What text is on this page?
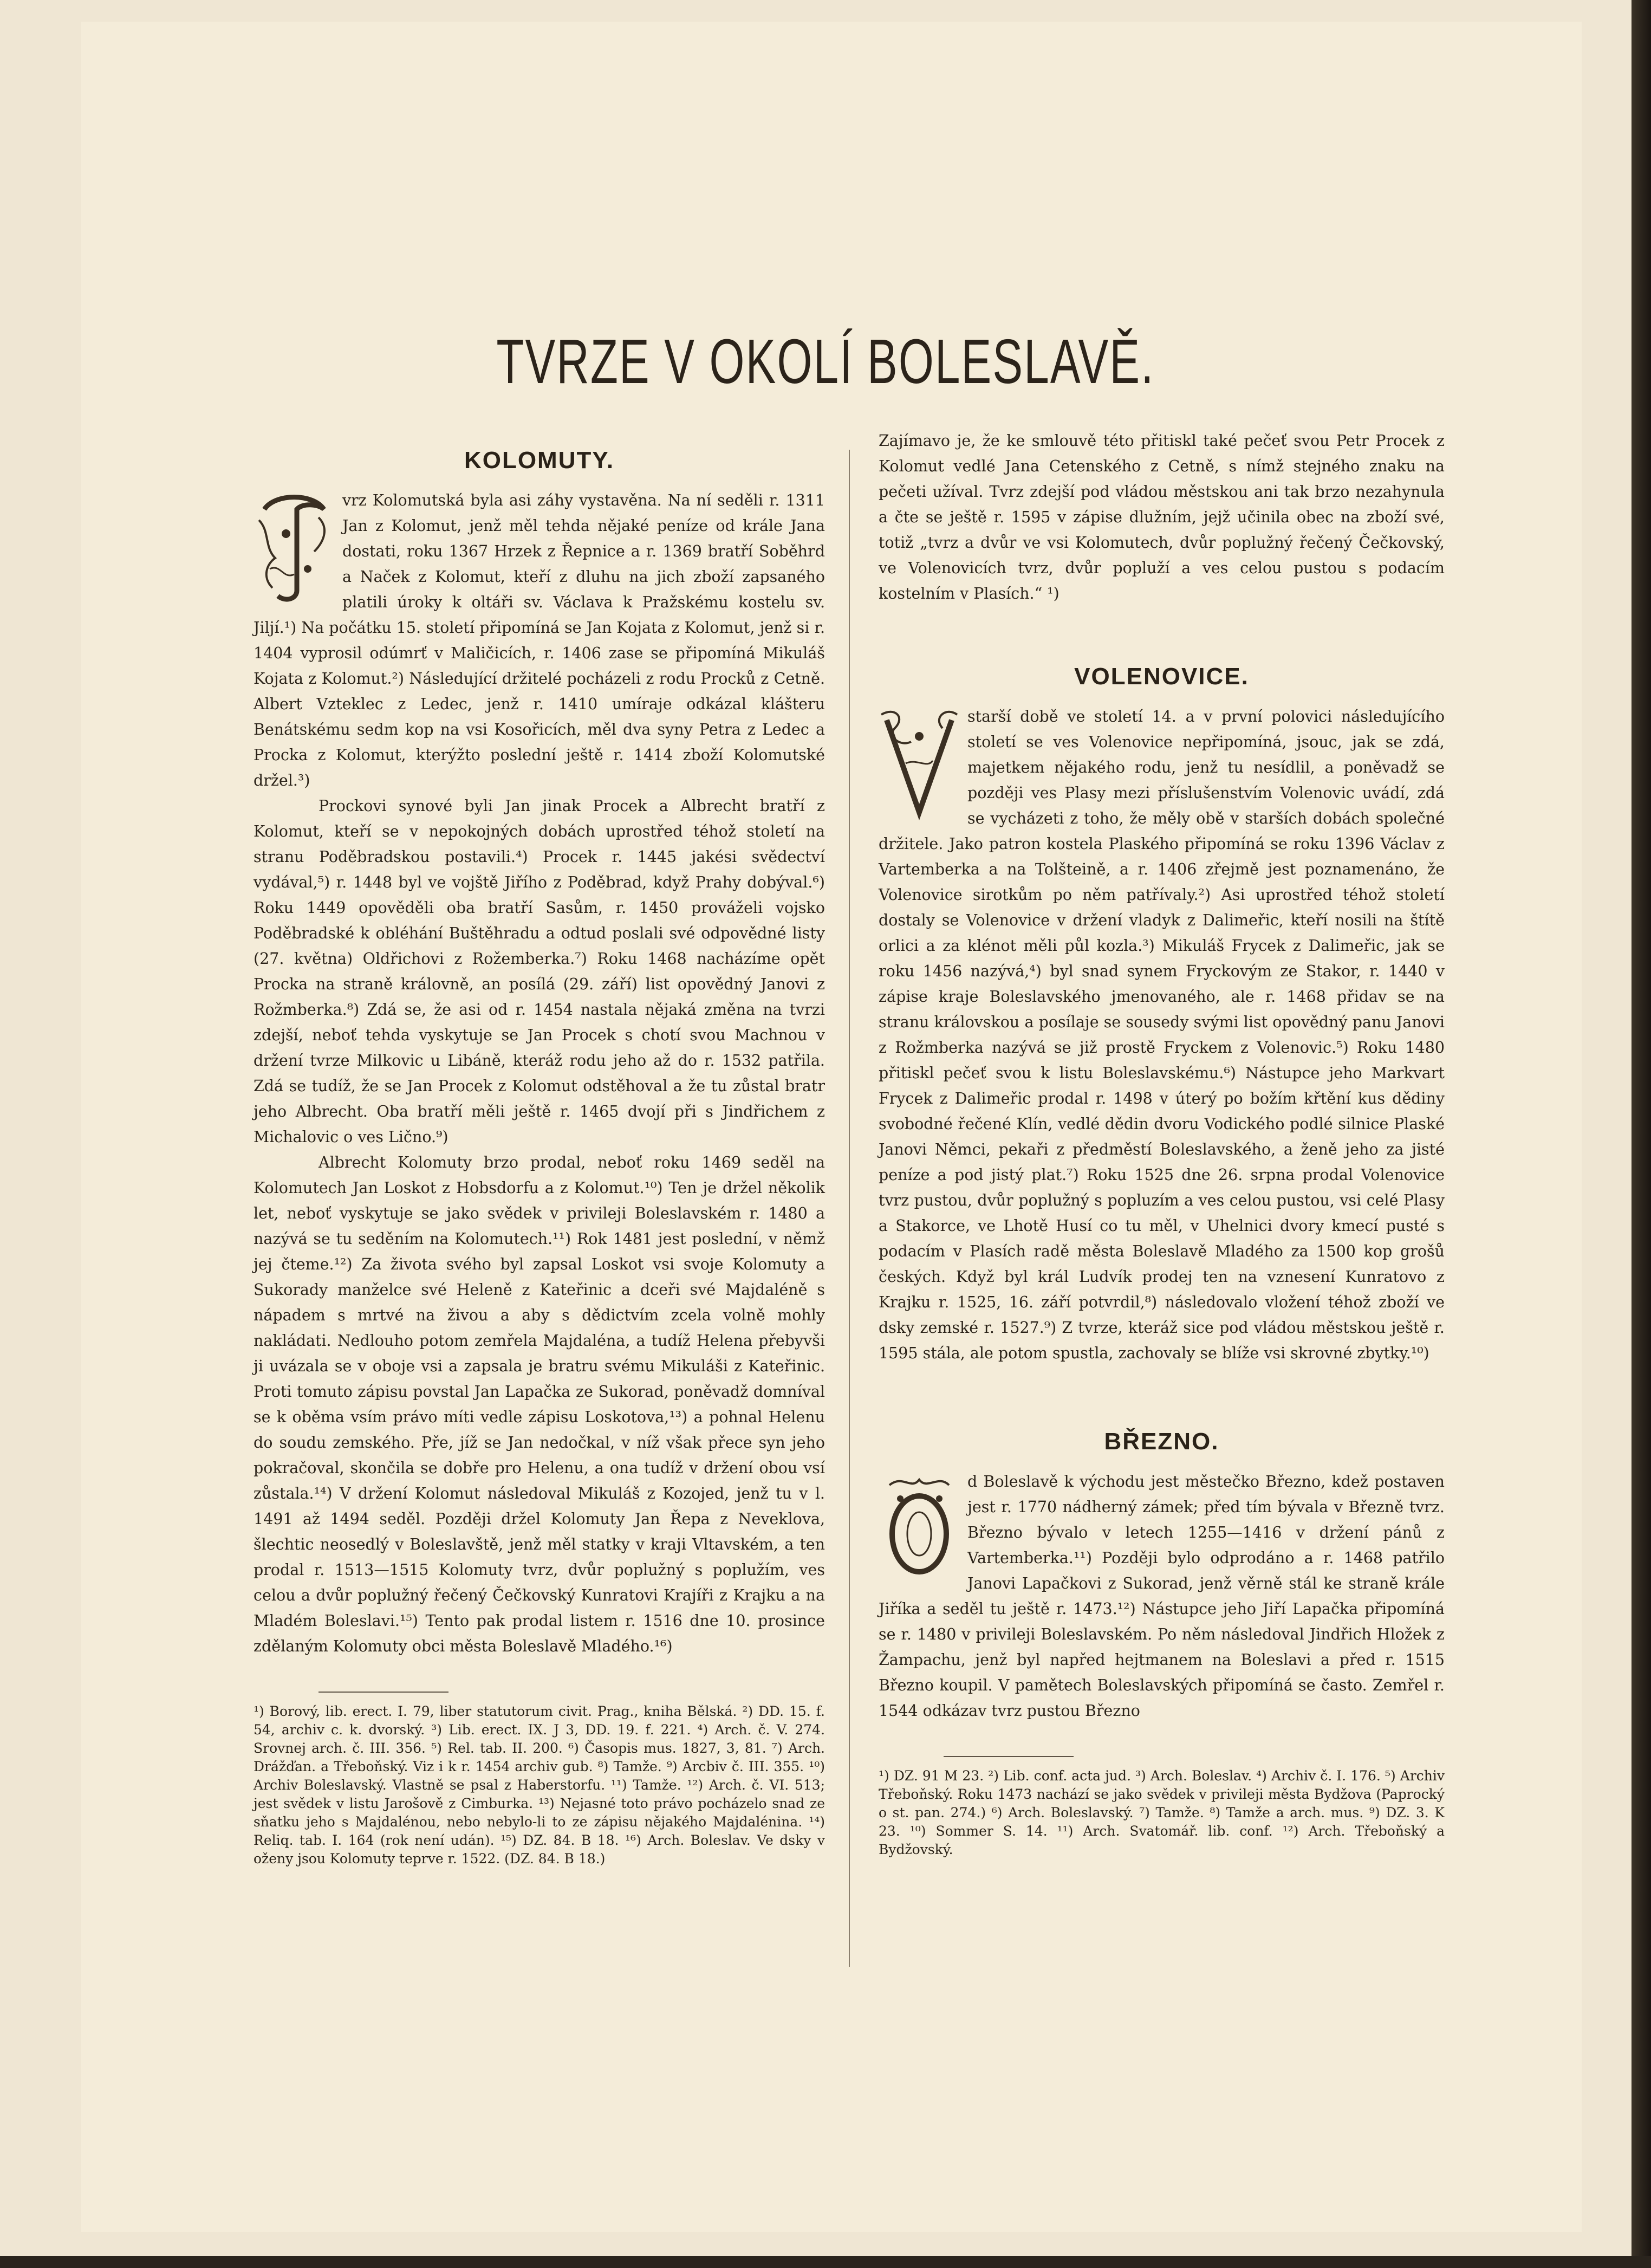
TVRZE V OKOLÍ BOLESLAVĚ.
KOLOMUTY.

vrz Kolomutská byla asi záhy vystavěna. Na ní seděli r. 1311 Jan z Kolomut, jenž měl tehda nějaké peníze od krále Jana dostati, roku 1367 Hrzek z Řepnice a r. 1369 bratří Soběhrd a Naček z Kolomut, kteří z dluhu na jich zboží zapsaného platili úroky k oltáři sv. Václava k Pražskému kostelu sv. Jiljí.¹) Na počátku 15. století připomíná se Jan Kojata z Kolomut, jenž si r. 1404 vyprosil odúmrť v Maličicích, r. 1406 zase se připomíná Mikuláš Kojata z Kolomut.²) Následující držitelé pocházeli z rodu Procků z Cetně. Albert Vzteklec z Ledec, jenž r. 1410 umíraje odkázal klášteru Benátskému sedm kop na vsi Kosořicích, měl dva syny Petra z Ledec a Procka z Kolomut, kterýžto poslední ještě r. 1414 zboží Kolomutské držel.³)

Prockovi synové byli Jan jinak Procek a Albrecht bratří z Kolomut, kteří se v nepokojných dobách uprostřed téhož století na stranu Poděbradskou postavili.⁴) Procek r. 1445 jakési svědectví vydával,⁵) r. 1448 byl ve vojště Jiřího z Poděbrad, když Prahy dobýval.⁶) Roku 1449 opověděli oba bratří Sasům, r. 1450 prováželi vojsko Poděbradské k obléhání Buštěhradu a odtud poslali své odpovědné listy (27. května) Oldřichovi z Rožemberka.⁷) Roku 1468 nacházíme opět Procka na straně královně, an posílá (29. září) list opovědný Janovi z Rožmberka.⁸) Zdá se, že asi od r. 1454 nastala nějaká změna na tvrzi zdejší, neboť tehda vyskytuje se Jan Procek s chotí svou Machnou v držení tvrze Milkovic u Libáně, kteráž rodu jeho až do r. 1532 patřila. Zdá se tudíž, že se Jan Procek z Kolomut odstěhoval a že tu zůstal bratr jeho Albrecht. Oba bratří měli ještě r. 1465 dvojí při s Jindřichem z Michalovic o ves Lično.⁹)

Albrecht Kolomuty brzo prodal, neboť roku 1469 seděl na Kolomutech Jan Loskot z Hobsdorfu a z Kolomut.¹⁰) Ten je držel několik let, neboť vyskytuje se jako svědek v privileji Boleslavském r. 1480 a nazývá se tu seděním na Kolomutech.¹¹) Rok 1481 jest poslední, v němž jej čteme.¹²) Za života svého byl zapsal Loskot vsi svoje Kolomuty a Sukorady manželce své Heleně z Kateřinic a dceři své Majdaléně s nápadem s mrtvé na živou a aby s dědictvím zcela volně mohly nakládati. Nedlouho potom zemřela Majdaléna, a tudíž Helena přebyvši ji uvázala se v oboje vsi a zapsala je bratru svému Mikuláši z Kateřinic. Proti tomuto zápisu povstal Jan Lapačka ze Sukorad, poněvadž domníval se k oběma vsím právo míti vedle zápisu Loskotova,¹³) a pohnal Helenu do soudu zemského. Pře, jíž se Jan nedočkal, v níž však přece syn jeho pokračoval, skončila se dobře pro Helenu, a ona tudíž v držení obou vsí zůstala.¹⁴) V držení Kolomut následoval Mikuláš z Kozojed, jenž tu v l. 1491 až 1494 seděl. Později držel Kolomuty Jan Řepa z Neveklova, šlechtic neosedlý v Boleslavště, jenž měl statky v kraji Vltavském, a ten prodal r. 1513—1515 Kolomuty tvrz, dvůr poplužný s poplužím, ves celou a dvůr poplužný řečený Čečkovský Kunratovi Krajíři z Krajku a na Mladém Boleslavi.¹⁵) Tento pak prodal listem r. 1516 dne 10. prosince zdělaným Kolomuty obci města Boleslavě Mladého.¹⁶)

¹) Borový, lib. erect. I. 79, liber statutorum civit. Prag., kniha Bělská. ²) DD. 15. f. 54, archiv c. k. dvorský. ³) Lib. erect. IX. J 3, DD. 19. f. 221. ⁴) Arch. č. V. 274. Srovnej arch. č. III. 356. ⁵) Rel. tab. II. 200. ⁶) Časopis mus. 1827, 3, 81. ⁷) Arch. Drážďan. a Třeboňský. Viz i k r. 1454 archiv gub. ⁸) Tamže. ⁹) Arcbiv č. III. 355. ¹⁰) Archiv Boleslavský. Vlastně se psal z Haberstorfu. ¹¹) Tamže. ¹²) Arch. č. VI. 513; jest svědek v listu Jarošově z Cimburka. ¹³) Nejasné toto právo pocházelo snad ze sňatku jeho s Majdalénou, nebo nebylo-li to ze zápisu nějakého Majdalénina. ¹⁴) Reliq. tab. I. 164 (rok není udán). ¹⁵) DZ. 84. B 18. ¹⁶) Arch. Boleslav. Ve dsky v oženy jsou Kolomuty teprve r. 1522. (DZ. 84. B 18.)

Zajímavo je, že ke smlouvě této přitiskl také pečeť svou Petr Procek z Kolomut vedlé Jana Cetenského z Cetně, s nímž stejného znaku na pečeti užíval. Tvrz zdejší pod vládou městskou ani tak brzo nezahynula a čte se ještě r. 1595 v zápise dlužním, jejž učinila obec na zboží své, totiž „tvrz a dvůr ve vsi Kolomutech, dvůr poplužný řečený Čečkovský, ve Volenovicích tvrz, dvůr popluží a ves celou pustou s podacím kostelním v Plasích.“ ¹)

VOLENOVICE.

starší době ve století 14. a v první polovici následujícího století se ves Volenovice nepřipomíná, jsouc, jak se zdá, majetkem nějakého rodu, jenž tu nesídlil, a poněvadž se později ves Plasy mezi příslušenstvím Volenovic uvádí, zdá se vycházeti z toho, že měly obě v starších dobách společné držitele. Jako patron kostela Plaského připomíná se roku 1396 Václav z Vartemberka a na Tolšteině, a r. 1406 zřejmě jest poznamenáno, že Volenovice sirotkům po něm patřívaly.²) Asi uprostřed téhož století dostaly se Volenovice v držení vladyk z Dalimeřic, kteří nosili na štítě orlici a za klénot měli půl kozla.³) Mikuláš Frycek z Dalimeřic, jak se roku 1456 nazývá,⁴) byl snad synem Fryckovým ze Stakor, r. 1440 v zápise kraje Boleslavského jmenovaného, ale r. 1468 přidav se na stranu královskou a posílaje se sousedy svými list opovědný panu Janovi z Rožmberka nazývá se již prostě Fryckem z Volenovic.⁵) Roku 1480 přitiskl pečeť svou k listu Boleslavskému.⁶) Nástupce jeho Markvart Frycek z Dalimeřic prodal r. 1498 v úterý po božím křtění kus dědiny svobodné řečené Klín, vedlé dědin dvoru Vodického podlé silnice Plaské Janovi Němci, pekaři z předměstí Boleslavského, a ženě jeho za jisté peníze a pod jistý plat.⁷) Roku 1525 dne 26. srpna prodal Volenovice tvrz pustou, dvůr poplužný s popluzím a ves celou pustou, vsi celé Plasy a Stakorce, ve Lhotě Husí co tu měl, v Uhelnici dvory kmecí pusté s podacím v Plasích radě města Boleslavě Mladého za 1500 kop grošů českých. Když byl král Ludvík prodej ten na vznesení Kunratovo z Krajku r. 1525, 16. září potvrdil,⁸) následovalo vložení téhož zboží ve dsky zemské r. 1527.⁹) Z tvrze, kteráž sice pod vládou městskou ještě r. 1595 stála, ale potom spustla, zachovaly se blíže vsi skrovné zbytky.¹⁰)

BŘEZNO.

d Boleslavě k východu jest městečko Březno, kdež postaven jest r. 1770 nádherný zámek; před tím bývala v Březně tvrz. Březno bývalo v letech 1255—1416 v držení pánů z Vartemberka.¹¹) Později bylo odprodáno a r. 1468 patřilo Janovi Lapačkovi z Sukorad, jenž věrně stál ke straně krále Jiříka a seděl tu ještě r. 1473.¹²) Nástupce jeho Jiří Lapačka připomíná se r. 1480 v privileji Boleslavském. Po něm následoval Jindřich Hložek z Žampachu, jenž byl napřed hejtmanem na Boleslavi a před r. 1515 Březno koupil. V pamětech Boleslavských připomíná se často. Zemřel r. 1544 odkázav tvrz pustou Březno

¹) DZ. 91 M 23. ²) Lib. conf. acta jud. ³) Arch. Boleslav. ⁴) Archiv č. I. 176. ⁵) Archiv Třeboňský. Roku 1473 nachází se jako svědek v privileji města Bydžova (Paprocký o st. pan. 274.) ⁶) Arch. Boleslavský. ⁷) Tamže. ⁸) Tamže a arch. mus. ⁹) DZ. 3. K 23. ¹⁰) Sommer S. 14. ¹¹) Arch. Svatomář. lib. conf. ¹²) Arch. Třeboňský a Bydžovský.
